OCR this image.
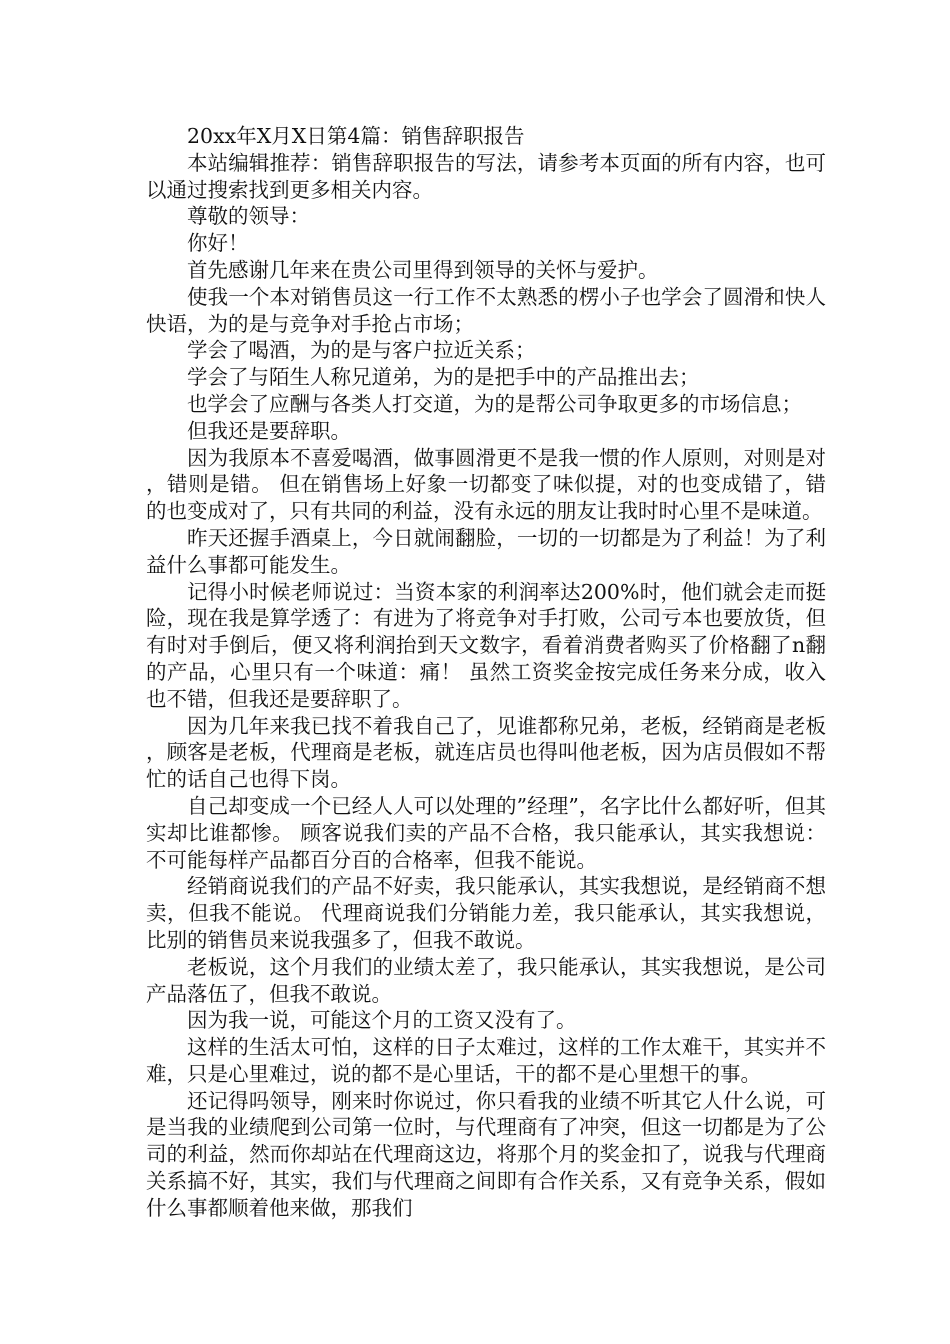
20xx年X月X日第4篇：销售辞职报告

本站编辑推荐：销售辞职报告的写法，请参考本页面的所有内容，也可以通过搜索找到更多相关内容。

尊敬的领导：

你好！

首先感谢几年来在贵公司里得到领导的关怀与爱护。

使我一个本对销售员这一行工作不太熟悉的楞小子也学会了圆滑和快人快语，为的是与竞争对手抢占市场；

学会了喝酒，为的是与客户拉近关系；

学会了与陌生人称兄道弟，为的是把手中的产品推出去；

也学会了应酬与各类人打交道，为的是帮公司争取更多的市场信息；

但我还是要辞职。

因为我原本不喜爱喝酒，做事圆滑更不是我一惯的作人原则，对则是对，错则是错。 但在销售场上好象一切都变了味似提，对的也变成错了，错的也变成对了，只有共同的利益，没有永远的朋友让我时时心里不是味道。

昨天还握手酒桌上，今日就闹翻脸，一切的一切都是为了利益！为了利益什么事都可能发生。

记得小时候老师说过：当资本家的利润率达200%时，他们就会走而挺险，现在我是算学透了：有进为了将竞争对手打败，公司亏本也要放货，但有时对手倒后，便又将利润抬到天文数字，看着消费者购买了价格翻了n翻的产品，心里只有一个味道：痛！ 虽然工资奖金按完成任务来分成，收入也不错，但我还是要辞职了。

因为几年来我已找不着我自己了，见谁都称兄弟，老板，经销商是老板，顾客是老板，代理商是老板，就连店员也得叫他老板，因为店员假如不帮忙的话自己也得下岗。

自己却变成一个已经人人可以处理的”经理”，名字比什么都好听，但其实却比谁都惨。 顾客说我们卖的产品不合格，我只能承认，其实我想说：不可能每样产品都百分百的合格率，但我不能说。

经销商说我们的产品不好卖，我只能承认，其实我想说，是经销商不想卖，但我不能说。 代理商说我们分销能力差，我只能承认，其实我想说，比别的销售员来说我强多了，但我不敢说。

老板说，这个月我们的业绩太差了，我只能承认，其实我想说，是公司产品落伍了，但我不敢说。

因为我一说，可能这个月的工资又没有了。

这样的生活太可怕，这样的日子太难过，这样的工作太难干，其实并不难，只是心里难过，说的都不是心里话，干的都不是心里想干的事。

还记得吗领导，刚来时你说过，你只看我的业绩不听其它人什么说，可是当我的业绩爬到公司第一位时，与代理商有了冲突，但这一切都是为了公司的利益，然而你却站在代理商这边，将那个月的奖金扣了，说我与代理商关系搞不好，其实，我们与代理商之间即有合作关系，又有竞争关系，假如什么事都顺着他来做，那我们
